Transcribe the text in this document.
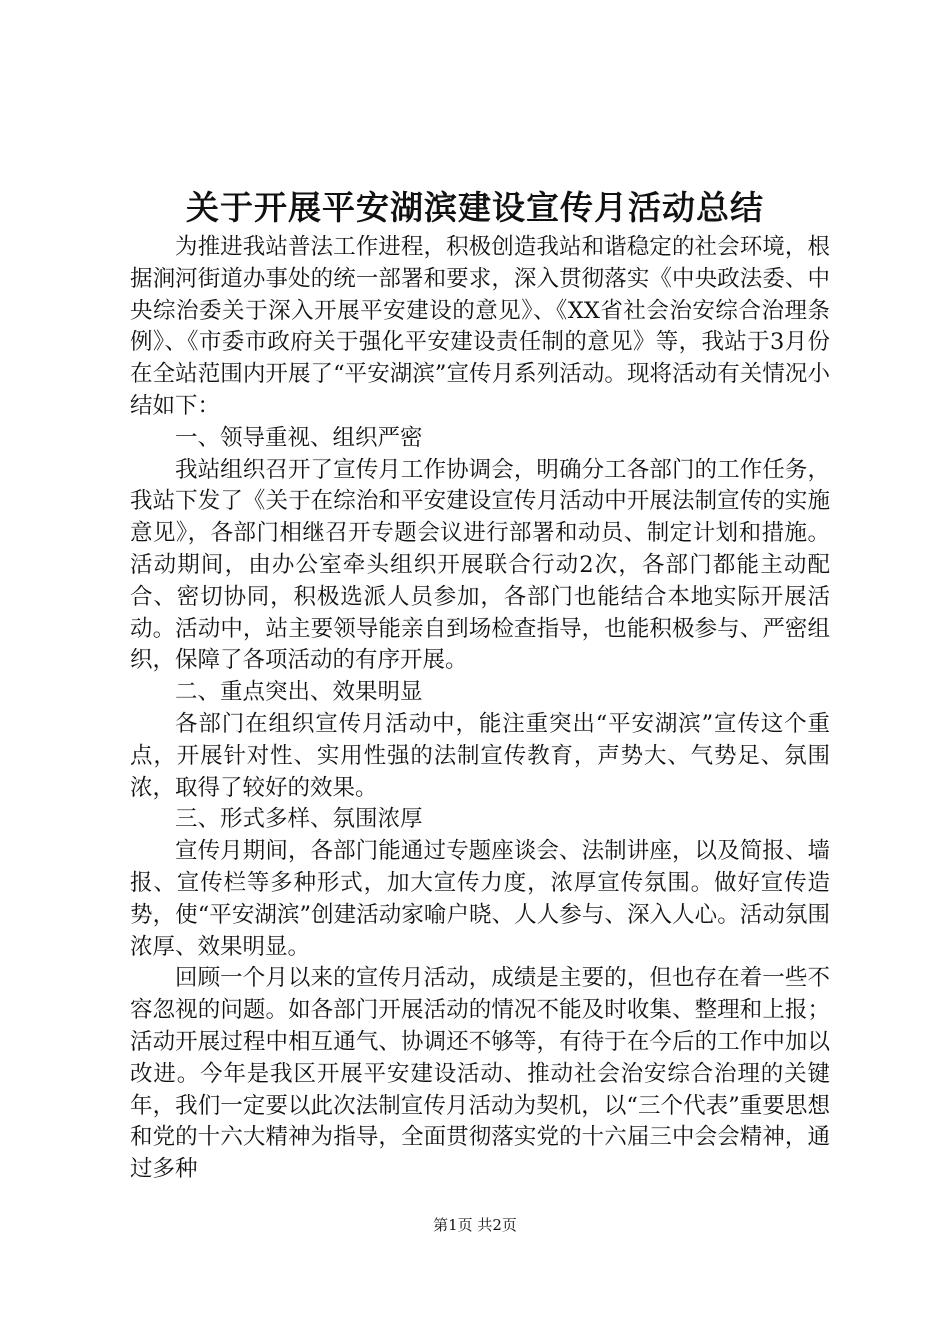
关于开展平安湖滨建设宣传月活动总结

为推进我站普法工作进程，积极创造我站和谐稳定的社会环境，根据涧河街道办事处的统一部署和要求，深入贯彻落实《中央政法委、中央综治委关于深入开展平安建设的意见》、《XX省社会治安综合治理条例》、《市委市政府关于强化平安建设责任制的意见》等，我站于3月份在全站范围内开展了“平安湖滨”宣传月系列活动。现将活动有关情况小结如下：

一、领导重视、组织严密

我站组织召开了宣传月工作协调会，明确分工各部门的工作任务，我站下发了《关于在综治和平安建设宣传月活动中开展法制宣传的实施意见》，各部门相继召开专题会议进行部署和动员、制定计划和措施。活动期间，由办公室牵头组织开展联合行动2次，各部门都能主动配合、密切协同，积极选派人员参加，各部门也能结合本地实际开展活动。活动中，站主要领导能亲自到场检查指导，也能积极参与、严密组织，保障了各项活动的有序开展。

二、重点突出、效果明显

各部门在组织宣传月活动中，能注重突出“平安湖滨”宣传这个重点，开展针对性、实用性强的法制宣传教育，声势大、气势足、氛围浓，取得了较好的效果。

三、形式多样、氛围浓厚

宣传月期间，各部门能通过专题座谈会、法制讲座，以及简报、墙报、宣传栏等多种形式，加大宣传力度，浓厚宣传氛围。做好宣传造势，使“平安湖滨”创建活动家喻户晓、人人参与、深入人心。活动氛围浓厚、效果明显。

回顾一个月以来的宣传月活动，成绩是主要的，但也存在着一些不容忽视的问题。如各部门开展活动的情况不能及时收集、整理和上报；活动开展过程中相互通气、协调还不够等，有待于在今后的工作中加以改进。今年是我区开展平安建设活动、推动社会治安综合治理的关键年，我们一定要以此次法制宣传月活动为契机，以“三个代表”重要思想和党的十六大精神为指导，全面贯彻落实党的十六届三中会会精神，通过多种

第1页 共2页
